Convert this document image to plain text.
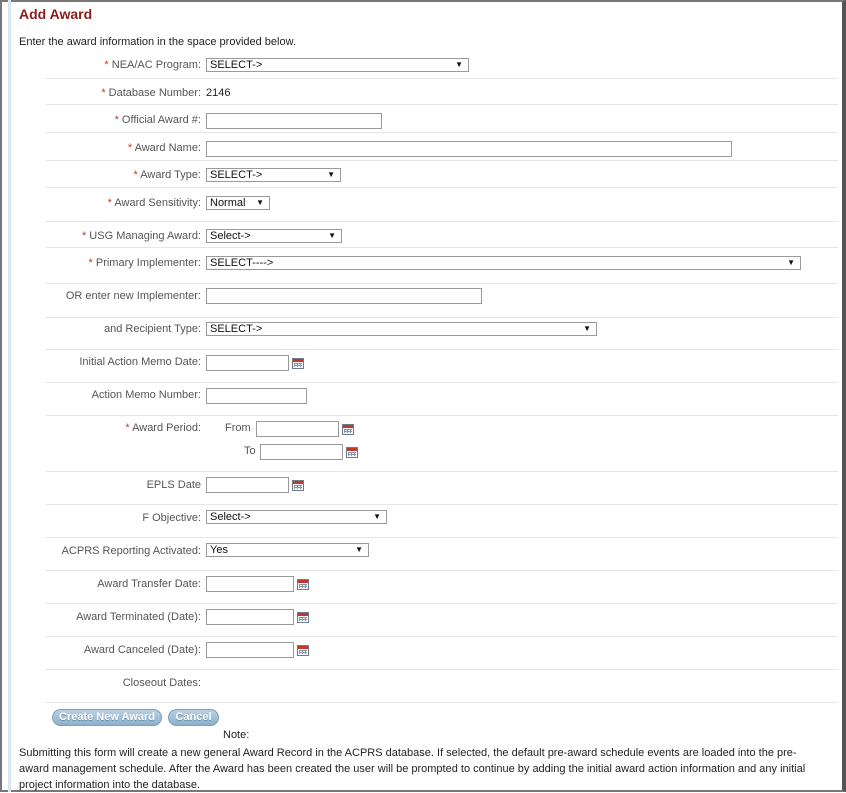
Add Award
Enter the award information in the space provided below.
* NEA/AC Program: SELECT->	▼
* Database Number: 2146
* Official Award #:
* Award Name:
* Award Type: SELECT->	▼
* Award Sensitivity: Normal ▼
* USG Managing Award: Select->	▼
* Primary Implementer: SELECT---->	▼
OR enter new Implementer:
and Recipient Type: SELECT->	▼
Initial Action Memo Date:
Action Memo Number:
* Award Period: From
To
EPLS Date
F Objective: Select->	▼
ACPRS Reporting Activated: Yes	▼
Award Transfer Date:
Award Terminated (Date):
Award Canceled (Date):
Closeout Dates:
Create New Award	Cancel
Note:
Submitting this form will create a new general Award Record in the ACPRS database. If selected, the default pre-award schedule events are loaded into the pre-award management schedule. After the Award has been created the user will be prompted to continue by adding the initial award action information and any initial project information into the database.
